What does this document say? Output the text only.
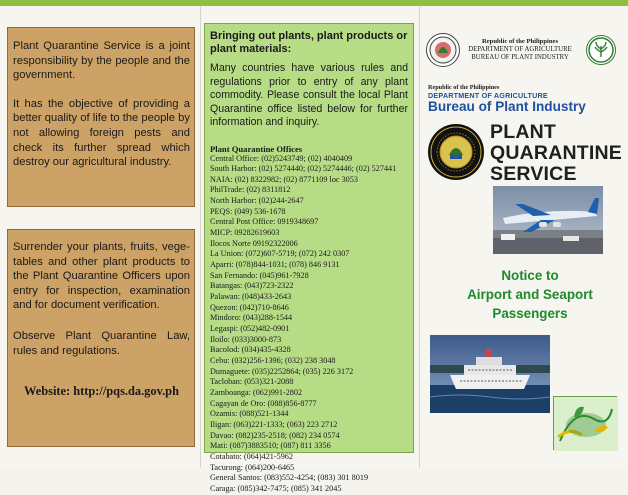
Plant Quarantine Service is a joint responsibility by the people and the government.

It has the objective of providing a better quality of life to the people by not allowing foreign pests and check its further spread which destroy our agricultural industry.

Surrender your plants, fruits, vege-tables and other plant products to the Plant Quarantine Officers upon entry for inspection, examination and for document verification.

Observe Plant Quarantine Law, rules and regulations.

Website: http://pqs.da.gov.ph
Bringing out plants, plant products or plant materials:
Many countries have various rules and regulations prior to entry of any plant commodity. Please consult the local Plant Quarantine office listed below for further information and inquiry.
Plant Quarantine Offices
Central Office: (02)5243749; (02) 4040409
South Harbor: (02) 5274440; (02) 5274446; (02) 527441
NAIA: (02) 8322982; (02) 8771109 loc 3053
PhilTrade: (02) 8311812
North Harbor: (02)244-2647
PEQS: (049) 536-1678
Central Post Office: 0919348697
MICP: 09282619603
Ilocos Norte 09192322006
La Union: (072)607-5719; (072) 242 0307
Aparri: (078)844-1031; (078) 846 9131
San Fernando: (045)961-7928
Batangas: (043)723-2322
Palawan: (048)433-2643
Quezon: (042)710-8646
Mindoro: (043)288-1544
Legaspi: (052)482-0901
Iloilo: (033)3000-873
Bacolod: (034)435-4328
Cebu: (032)256-1396; (032) 238 3048
Dumaguete: (035)2252864; (035) 226 3172
Tacloban: (053)321-2088
Zamboanga: (062)991-2802
Cagayan de Oro: (088)856-8777
Ozamis: (088)521-1344
Iligan: (063)221-1333; (063) 223 2712
Davao: (082)235-2518; (082) 234 0574
Mati: (087)3883510; (087) 811 3356
Cotabato: (064)421-5962
Tacurong: (064)200-6465
General Santos: (083)552-4254; (083) 301 8019
Caraga: (085)342-7475; (085) 341 2045
Republic of the Philippines
DEPARTMENT OF AGRICULTURE
BUREAU OF PLANT INDUSTRY
Republic of the Philippines
DEPARTMENT OF AGRICULTURE
Bureau of Plant Industry
PLANT
QUARANTINE
SERVICE
Notice to
Airport and Seaport
Passengers
